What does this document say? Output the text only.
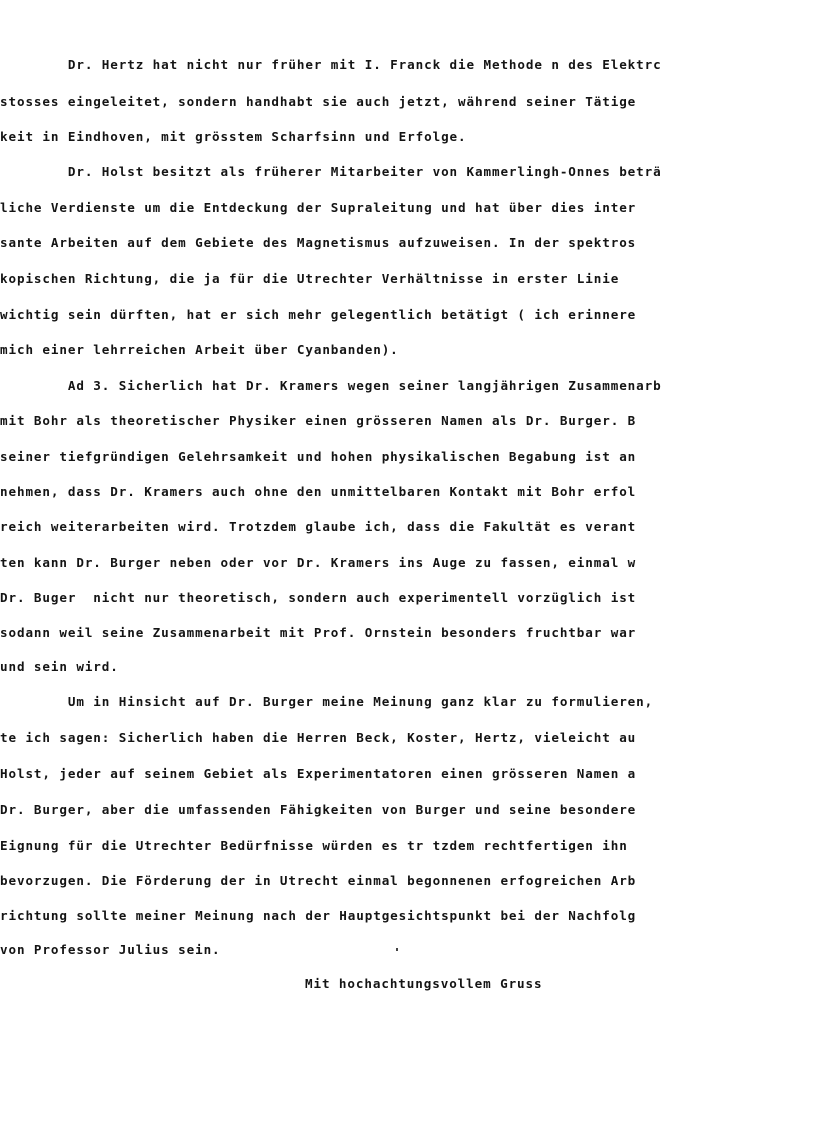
Dr. Hertz hat nicht nur früher mit I. Franck die Methode n des Elektrc
stosses eingeleitet, sondern handhabt sie auch jetzt, während seiner Tätige
keit in Eindhoven, mit grösstem Scharfsinn und Erfolge.
Dr. Holst besitzt als früherer Mitarbeiter von Kammerlingh-Onnes beträ
liche Verdienste um die Entdeckung der Supraleitung und hat über dies inter
sante Arbeiten auf dem Gebiete des Magnetismus aufzuweisen. In der spektros
kopischen Richtung, die ja für die Utrechter Verhältnisse in erster Linie
wichtig sein dürften, hat er sich mehr gelegentlich betätigt ( ich erinnere
mich einer lehrreichen Arbeit über Cyanbanden).
Ad 3. Sicherlich hat Dr. Kramers wegen seiner langjährigen Zusammenarb
mit Bohr als theoretischer Physiker einen grösseren Namen als Dr. Burger. B
seiner tiefgründigen Gelehrsamkeit und hohen physikalischen Begabung ist an
nehmen, dass Dr. Kramers auch ohne den unmittelbaren Kontakt mit Bohr erfol
reich weiterarbeiten wird. Trotzdem glaube ich, dass die Fakultät es verant
ten kann Dr. Burger neben oder vor Dr. Kramers ins Auge zu fassen, einmal w
Dr. Buger  nicht nur theoretisch, sondern auch experimentell vorzüglich ist
sodann weil seine Zusammenarbeit mit Prof. Ornstein besonders fruchtbar war
und sein wird.
Um in Hinsicht auf Dr. Burger meine Meinung ganz klar zu formulieren,
te ich sagen: Sicherlich haben die Herren Beck, Koster, Hertz, vieleicht au
Holst, jeder auf seinem Gebiet als Experimentatoren einen grösseren Namen a
Dr. Burger, aber die umfassenden Fähigkeiten von Burger und seine besondere
Eignung für die Utrechter Bedürfnisse würden es tr tzdem rechtfertigen ihn
bevorzugen. Die Förderung der in Utrecht einmal begonnenen erfogreichen Arb
richtung sollte meiner Meinung nach der Hauptgesichtspunkt bei der Nachfolg
von Professor Julius sein.
Mit hochachtungsvollem Gruss
